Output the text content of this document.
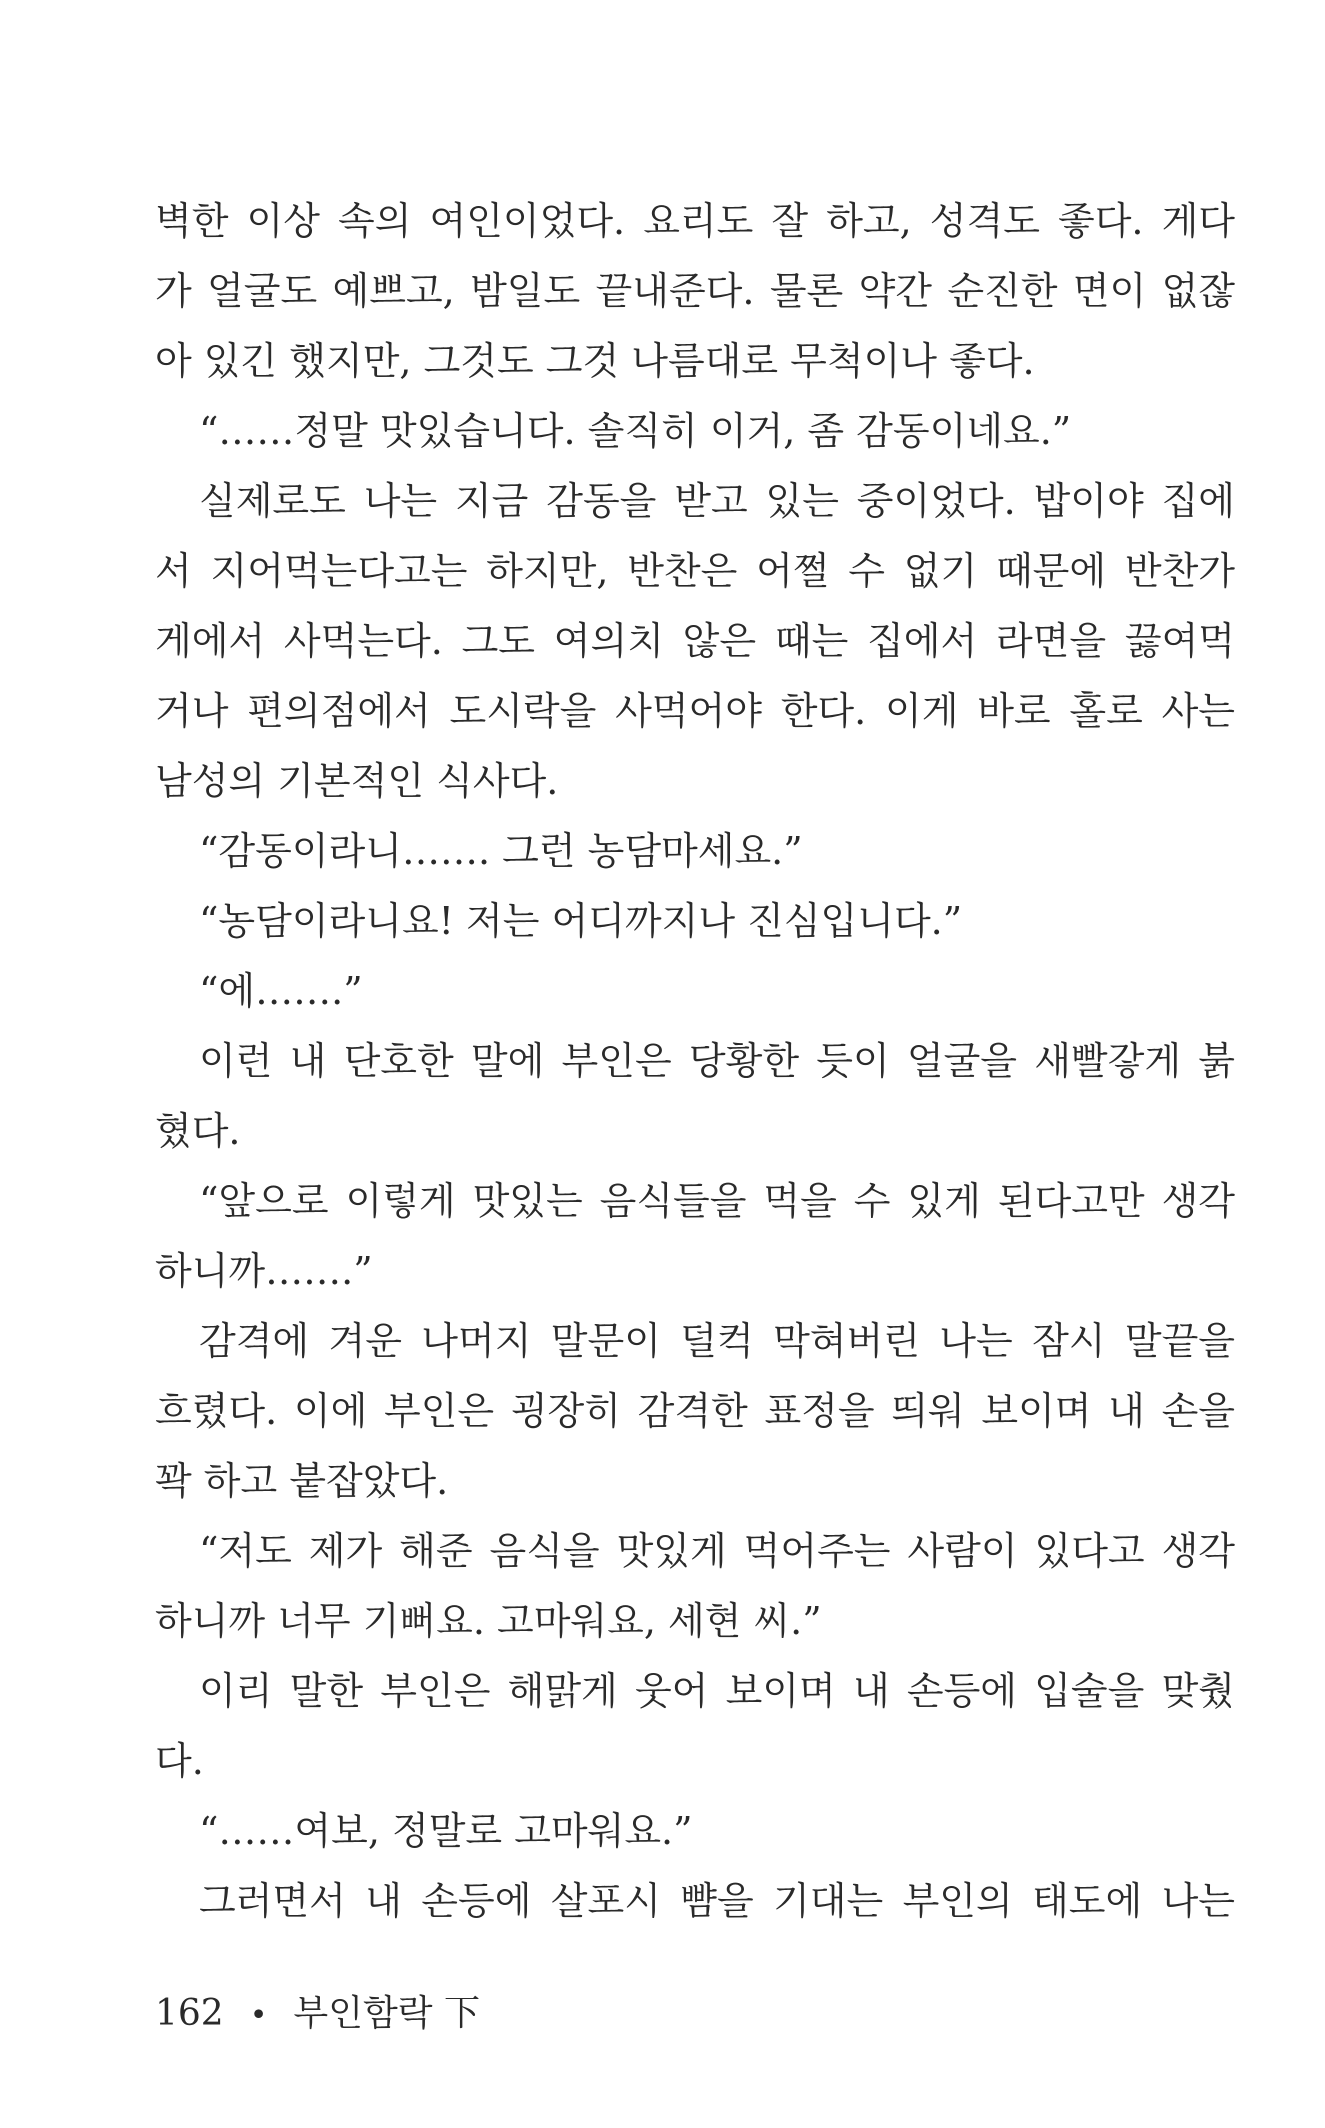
벽한 이상 속의 여인이었다. 요리도 잘 하고, 성격도 좋다. 게다
가 얼굴도 예쁘고, 밤일도 끝내준다. 물론 약간 순진한 면이 없잖
아 있긴 했지만, 그것도 그것 나름대로 무척이나 좋다.
“……정말 맛있습니다. 솔직히 이거, 좀 감동이네요.”
실제로도 나는 지금 감동을 받고 있는 중이었다. 밥이야 집에
서 지어먹는다고는 하지만, 반찬은 어쩔 수 없기 때문에 반찬가
게에서 사먹는다. 그도 여의치 않은 때는 집에서 라면을 끓여먹
거나 편의점에서 도시락을 사먹어야 한다. 이게 바로 홀로 사는
남성의 기본적인 식사다.
“감동이라니……. 그런 농담마세요.”
“농담이라니요! 저는 어디까지나 진심입니다.”
“에…….”
이런 내 단호한 말에 부인은 당황한 듯이 얼굴을 새빨갛게 붉
혔다.
“앞으로 이렇게 맛있는 음식들을 먹을 수 있게 된다고만 생각
하니까…….”
감격에 겨운 나머지 말문이 덜컥 막혀버린 나는 잠시 말끝을
흐렸다. 이에 부인은 굉장히 감격한 표정을 띄워 보이며 내 손을
꽉 하고 붙잡았다.
“저도 제가 해준 음식을 맛있게 먹어주는 사람이 있다고 생각
하니까 너무 기뻐요. 고마워요, 세현 씨.”
이리 말한 부인은 해맑게 웃어 보이며 내 손등에 입술을 맞췄
다.
“……여보, 정말로 고마워요.”
그러면서 내 손등에 살포시 뺨을 기대는 부인의 태도에 나는
162 • 부인함락 下
